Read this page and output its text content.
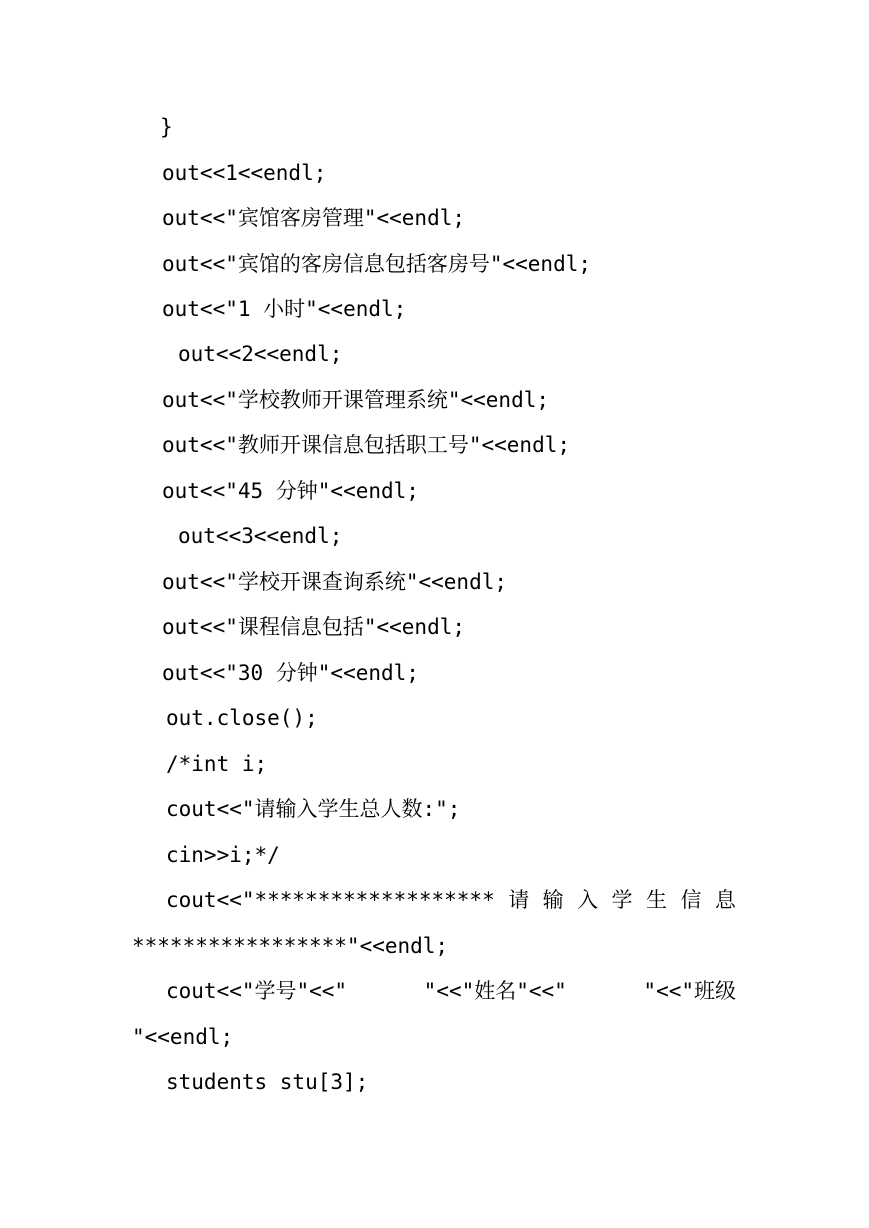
}
out<<1<<endl;
out<<"宾馆客房管理"<<endl;
out<<"宾馆的客房信息包括客房号"<<endl;
out<<"1 小时"<<endl;
out<<2<<endl;
out<<"学校教师开课管理系统"<<endl;
out<<"教师开课信息包括职工号"<<endl;
out<<"45 分钟"<<endl;
out<<3<<endl;
out<<"学校开课查询系统"<<endl;
out<<"课程信息包括"<<endl;
out<<"30 分钟"<<endl;
out.close();
/*int i;
cout<<"请输入学生总人数:";
cin>>i;*/
cout<<"******************* 请 输 入 学 生 信 息
*****************"<<endl;
cout<<"学号"<<"	"<<"姓名"<<"	"<<"班级
"<<endl;
students stu[3];
